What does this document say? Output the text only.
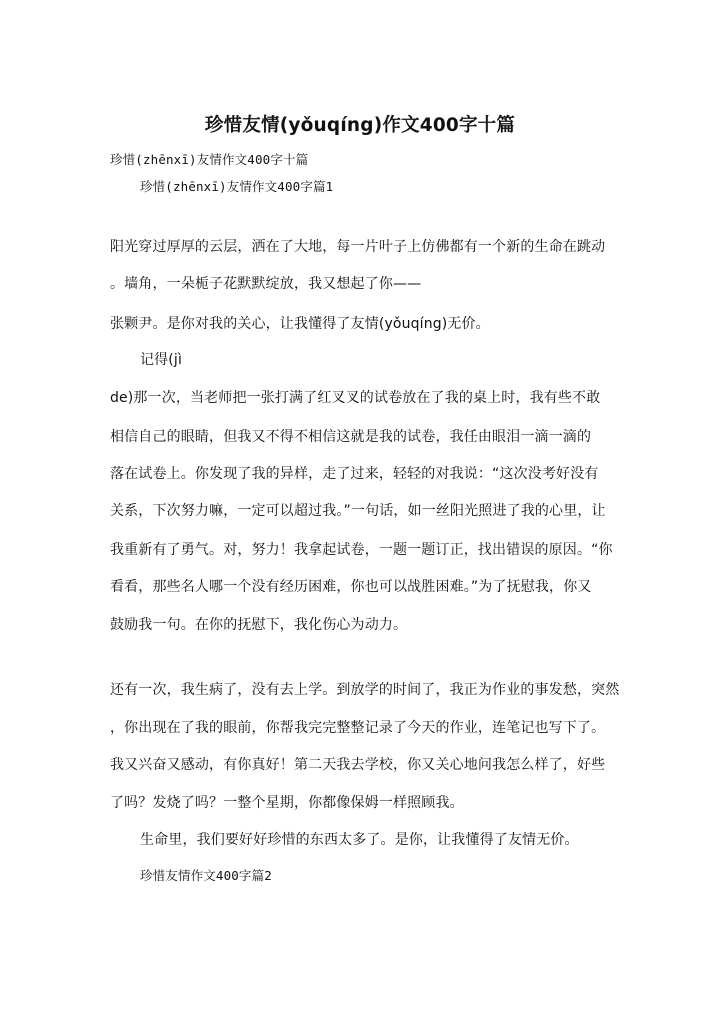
珍惜友情(yǒuqíng)作文400字十篇
珍惜(zhēnxī)友情作文400字十篇
珍惜(zhēnxī)友情作文400字篇1
阳光穿过厚厚的云层，洒在了大地，每一片叶子上仿佛都有一个新的生命在跳动
。墙角，一朵栀子花默默绽放，我又想起了你——
张颗尹。是你对我的关心，让我懂得了友情(yǒuqíng)无价。
记得(jì
de)那一次，当老师把一张打满了红叉叉的试卷放在了我的桌上时，我有些不敢
相信自己的眼睛，但我又不得不相信这就是我的试卷，我任由眼泪一滴一滴的
落在试卷上。你发现了我的异样，走了过来，轻轻的对我说：“这次没考好没有
关系，下次努力嘛，一定可以超过我。”一句话，如一丝阳光照进了我的心里，让
我重新有了勇气。对，努力！我拿起试卷，一题一题订正，找出错误的原因。“你
看看，那些名人哪一个没有经历困难，你也可以战胜困难。”为了抚慰我，你又
鼓励我一句。在你的抚慰下，我化伤心为动力。
还有一次，我生病了，没有去上学。到放学的时间了，我正为作业的事发愁，突然
，你出现在了我的眼前，你帮我完完整整记录了今天的作业，连笔记也写下了。
我又兴奋又感动，有你真好！第二天我去学校，你又关心地问我怎么样了，好些
了吗？发烧了吗？一整个星期，你都像保姆一样照顾我。
生命里，我们要好好珍惜的东西太多了。是你，让我懂得了友情无价。
珍惜友情作文400字篇2
